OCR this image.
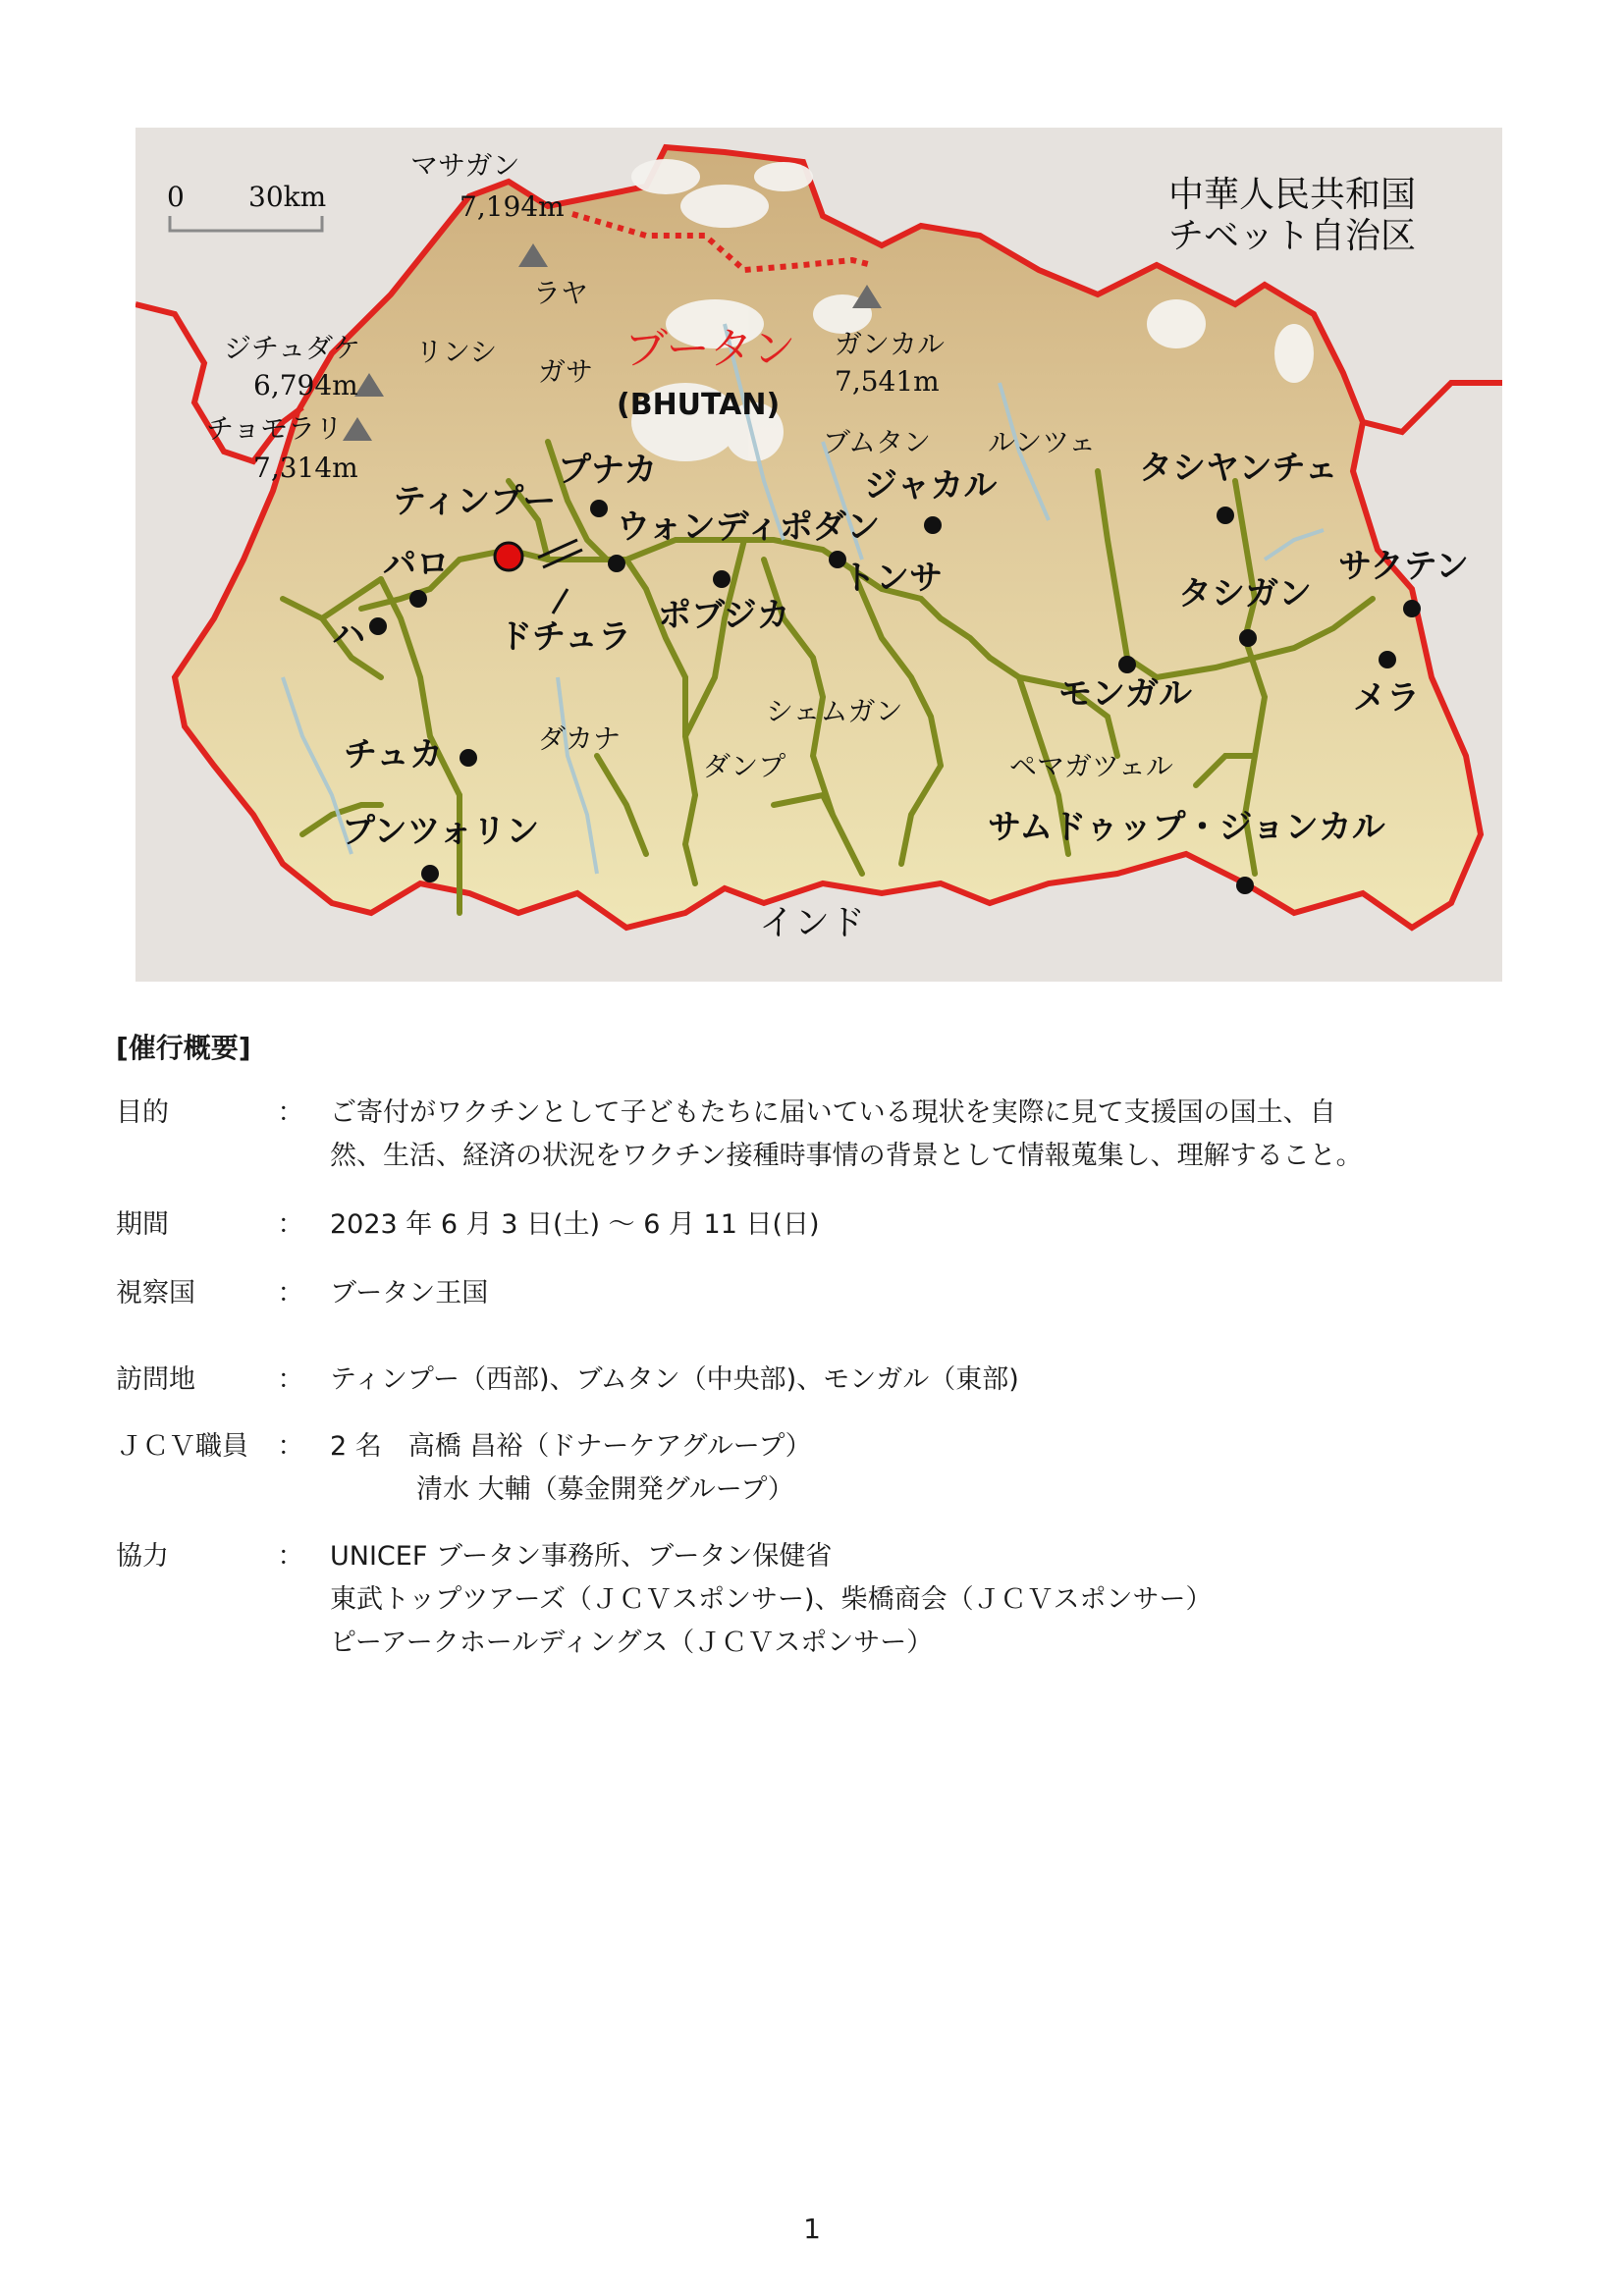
0 30km	中華人民共和国
チベット自治区
マサガン
7,194m
ガンカル
7,541m
ジチュダケ
6,794m
チョモラリ
7,314m
ラヤ
リンシ
ガサ ブータン
(BHUTAN)
ブムタン ルンツェ
プナカ
ティンプー
ウォンディポダン
パロ
ハ	ドチュラ
ポブジカ
トンサ
ジャカル	タシヤンチェ
サクテン
タシガン
メラ
モンガル
ダカナ
シェムガン
ダンプ	ペマガツェル
チュカ
プンツォリン	サムドゥップ・ジョンカル
インド
[催行概要]
目的	： ご寄付がワクチンとして子どもたちに届いている現状を実際に見て支援国の国土、自
然、生活、経済の状況をワクチン接種時事情の背景として情報蒐集し、理解すること。
期間	： 2023 年 6 月 3 日(土) ～ 6 月 11 日(日)
視察国	： ブータン王国
訪問地	： ティンプー（西部)、ブムタン（中央部)、モンガル（東部)
ＪＣＶ職員	： 2 名　高橋 昌裕（ドナーケアグループ）
清水 大輔（募金開発グループ）
協力	： UNICEF ブータン事務所、ブータン保健省
東武トップツアーズ（ＪＣＶスポンサー)、柴橋商会（ＪＣＶスポンサー）
ピーアークホールディングス（ＪＣＶスポンサー）
1
